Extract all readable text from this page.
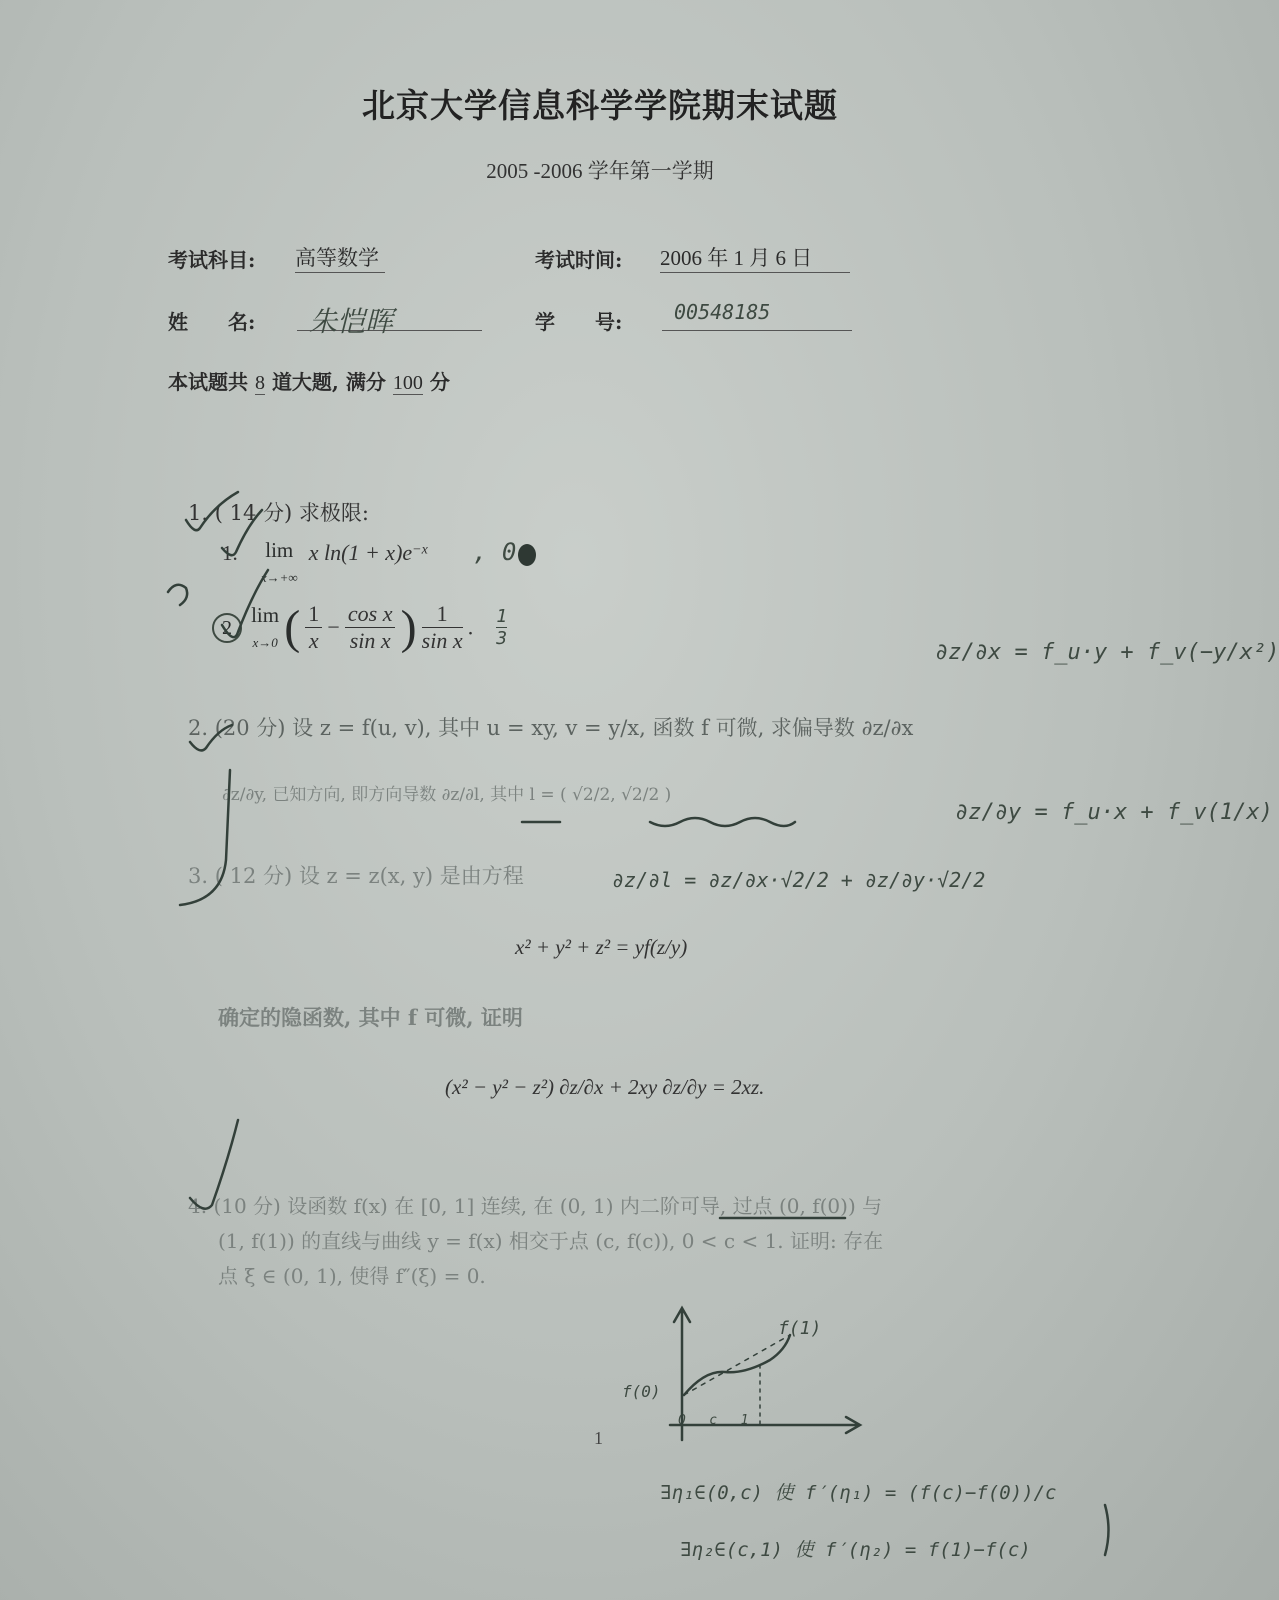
北京大学信息科学学院期末试题
2005 -2006 学年第一学期
考试科目: 高等数学	考试时间: 2006 年 1 月 6 日
姓　　名:	朱恺晖	学　　号:	00548185
本试题共 8 道大题, 满分 100 分
1. ( 14 分) 求极限:
1. lim
x→+∞ x $\ln(1 + x)e^{-x}$ , 0
2 lim
x→0 ( $\frac{1}{x} - \frac{\text{cos x}}{\text{sin x}}$ ) $\frac{1}{\text{sin x}}$ . $\frac{1}{3}$
2. (20 分) 设 z = f(u, v), 其中 u = xy, v = y/x, 函数 f 可微, 求偏导数 ∂z/∂x
∂z/∂y, 已知方向, 即方向导数 ∂z/∂l, 其中 l = ( √2/2, √2/2 )
3. ( 12 分) 设 z = z(x, y) 是由方程
x² + y² + z² = yf(z/y)
确定的隐函数, 其中 f 可微, 证明
(x² − y² − z²) ∂z/∂x + 2xy ∂z/∂y = 2xz.
4. (10 分) 设函数 f(x) 在 [0, 1] 连续, 在 (0, 1) 内二阶可导, 过点 (0, f(0)) 与
(1, f(1)) 的直线与曲线 y = f(x) 相交于点 (c, f(c)), 0 < c < 1. 证明: 存在
点 ξ ∈ (0, 1), 使得 f″(ξ) = 0.
∂z/∂x = f_u·y + f_v(−y/x²)
∂z/∂y = f_u·x + f_v(1/x)
∂z/∂l = ∂z/∂x·√2/2 + ∂z/∂y·√2/2
f(1)
f(0)
0   c   1
∃η₁∈(0,c) 使 f′(η₁) = (f(c)−f(0))/c
∃η₂∈(c,1) 使 f′(η₂) = f(1)−f(c)
1
